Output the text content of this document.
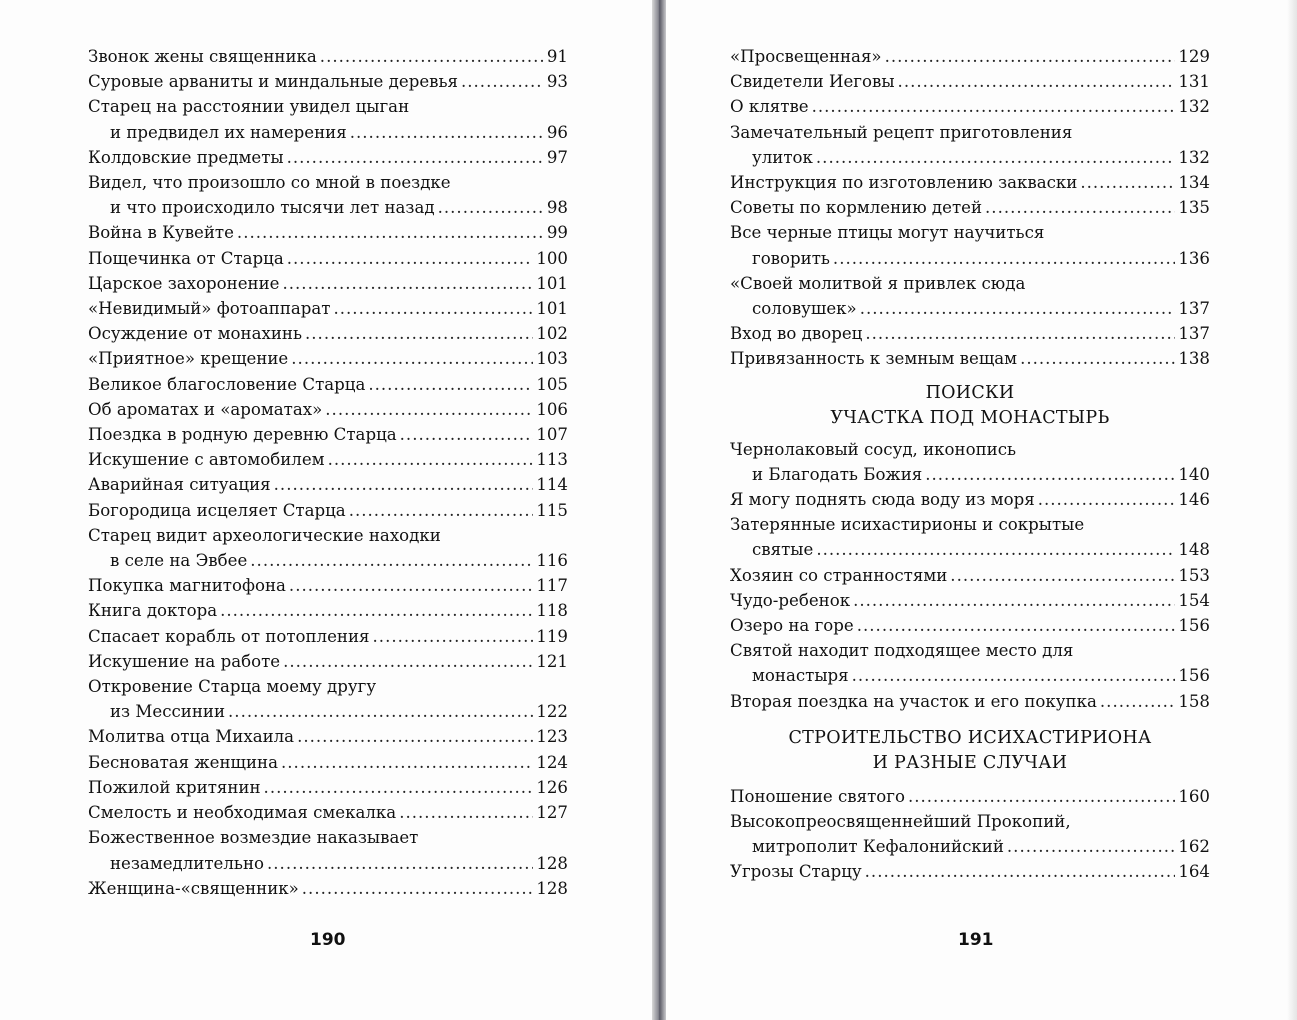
Звонок жены священника .....	91
Суровые арваниты и миндальные деревья .....	93
Старец на расстоянии увидел цыган
и предвидел их намерения .....	96
Колдовские предметы .....	97
Видел, что произошло со мной в поездке
и что происходило тысячи лет назад .....	98
Война в Кувейте .....	99
Пощечинка от Старца .....	100
Царское захоронение .....	101
«Невидимый» фотоаппарат .....	101
Осуждение от монахинь .....	102
«Приятное» крещение .....	103
Великое благословение Старца .....	105
Об ароматах и «ароматах» .....	106
Поездка в родную деревню Старца .....	107
Искушение с автомобилем .....	113
Аварийная ситуация .....	114
Богородица исцеляет Старца .....	115
Старец видит археологические находки
в селе на Эвбее .....	116
Покупка магнитофона .....	117
Книга доктора .....	118
Спасает корабль от потопления .....	119
Искушение на работе .....	121
Откровение Старца моему другу
из Мессинии .....	122
Молитва отца Михаила .....	123
Бесноватая женщина .....	124
Пожилой критянин .....	126
Смелость и необходимая смекалка .....	127
Божественное возмездие наказывает
незамедлительно .....	128
Женщина-«священник» .....	128
190
«Просвещенная» .....	129
Свидетели Иеговы .....	131
О клятве .....	132
Замечательный рецепт приготовления
улиток .....	132
Инструкция по изготовлению закваски .....	134
Советы по кормлению детей .....	135
Все черные птицы могут научиться
говорить .....	136
«Своей молитвой я привлек сюда
соловушек» .....	137
Вход во дворец .....	137
Привязанность к земным вещам .....	138
ПОИСКИ
УЧАСТКА ПОД МОНАСТЫРЬ
Чернолаковый сосуд, иконопись
и Благодать Божия .....	140
Я могу поднять сюда воду из моря .....	146
Затерянные исихастирионы и сокрытые
святые .....	148
Хозяин со странностями .....	153
Чудо-ребенок .....	154
Озеро на горе .....	156
Святой находит подходящее место для
монастыря .....	156
Вторая поездка на участок и его покупка .....	158
СТРОИТЕЛЬСТВО ИСИХАСТИРИОНА
И РАЗНЫЕ СЛУЧАИ
Поношение святого .....	160
Высокопреосвященнейший Прокопий,
митрополит Кефалонийский .....	162
Угрозы Старцу .....	164
191
